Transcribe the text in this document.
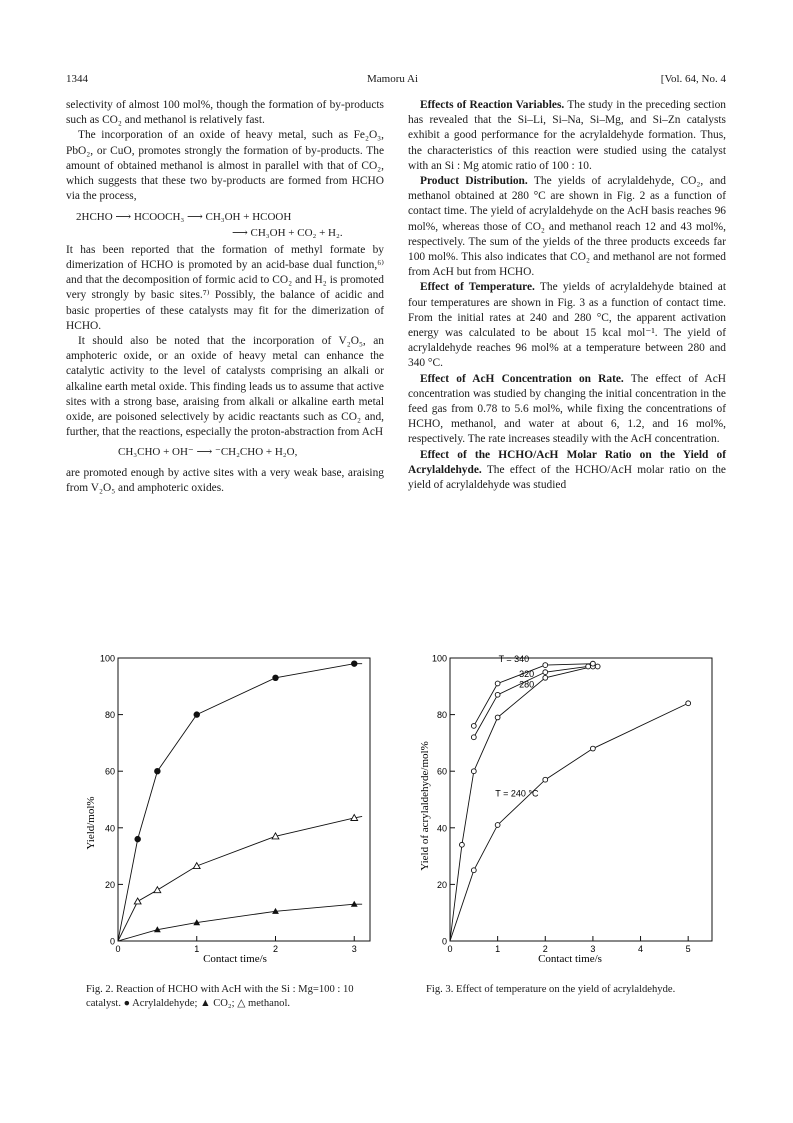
1344	Mamoru Ai	[Vol. 64, No. 4

selectivity of almost 100 mol%, though the formation of by-products such as CO₂ and methanol is relatively fast.

The incorporation of an oxide of heavy metal, such as Fe₂O₃, PbO₂, or CuO, promotes strongly the formation of by-products. The amount of obtained methanol is almost in parallel with that of CO₂, which suggests that these two by-products are formed from HCHO via the process,

2HCHO ⟶ HCOOCH₃ ⟶ CH₃OH + HCOOH
⟶ CH₃OH + CO₂ + H₂.

It has been reported that the formation of methyl formate by dimerization of HCHO is promoted by an acid-base dual function,⁶⁾ and that the decomposition of formic acid to CO₂ and H₂ is promoted very strongly by basic sites.⁷⁾ Possibly, the balance of acidic and basic properties of these catalysts may fit for the dimerization of HCHO.

It should also be noted that the incorporation of V₂O₅, an amphoteric oxide, or an oxide of heavy metal can enhance the catalytic activity to the level of catalysts comprising an alkali or alkaline earth metal oxide. This finding leads us to assume that active sites with a strong base, araising from alkali or alkaline earth metal oxide, are poisoned selectively by acidic reactants such as CO₂ and, further, that the reactions, especially the proton-abstraction from AcH

CH₃CHO + OH⁻ ⟶ ⁻CH₂CHO + H₂O,

are promoted enough by active sites with a very weak base, araising from V₂O₅ and amphoteric oxides.

Effects of Reaction Variables. The study in the preceding section has revealed that the Si–Li, Si–Na, Si–Mg, and Si–Zn catalysts exhibit a good performance for the acrylaldehyde formation. Thus, the characteristics of this reaction were studied using the catalyst with an Si : Mg atomic ratio of 100 : 10.

Product Distribution. The yields of acrylaldehyde, CO₂, and methanol obtained at 280 °C are shown in Fig. 2 as a function of contact time. The yield of acrylaldehyde on the AcH basis reaches 96 mol%, whereas those of CO₂ and methanol reach 12 and 43 mol%, respectively. The sum of the yields of the three products exceeds far 100 mol%. This also indicates that CO₂ and methanol are not formed from AcH but from HCHO.

Effect of Temperature. The yields of acrylaldehyde btained at four temperatures are shown in Fig. 3 as a function of contact time. From the initial rates at 240 and 280 °C, the apparent activation energy was calculated to be about 15 kcal mol⁻¹. The yield of acrylaldehyde reaches 96 mol% at a temperature between 280 and 340 °C.

Effect of AcH Concentration on Rate. The effect of AcH concentration was studied by changing the initial concentration in the feed gas from 0.78 to 5.6 mol%, while fixing the concentrations of HCHO, methanol, and water at about 6, 1.2, and 16 mol%, respectively. The rate increases steadily with the AcH concentration.

Effect of the HCHO/AcH Molar Ratio on the Yield of Acrylaldehyde. The effect of the HCHO/AcH molar ratio on the yield of acrylaldehyde was studied

Yield/mol%
Contact time/s
0
20
40
60
80
100
0	1	2	3
Fig. 2. Reaction of HCHO with AcH with the Si : Mg=100 : 10 catalyst. ● Acrylaldehyde; ▲ CO₂; △ methanol.
Yield of acrylaldehyde/mol%
Contact time/s
0
20
40
60
80
100
0	1	2	3	4	5
T = 340
320
280
T = 240 °C
Fig. 3. Effect of temperature on the yield of acrylaldehyde.
